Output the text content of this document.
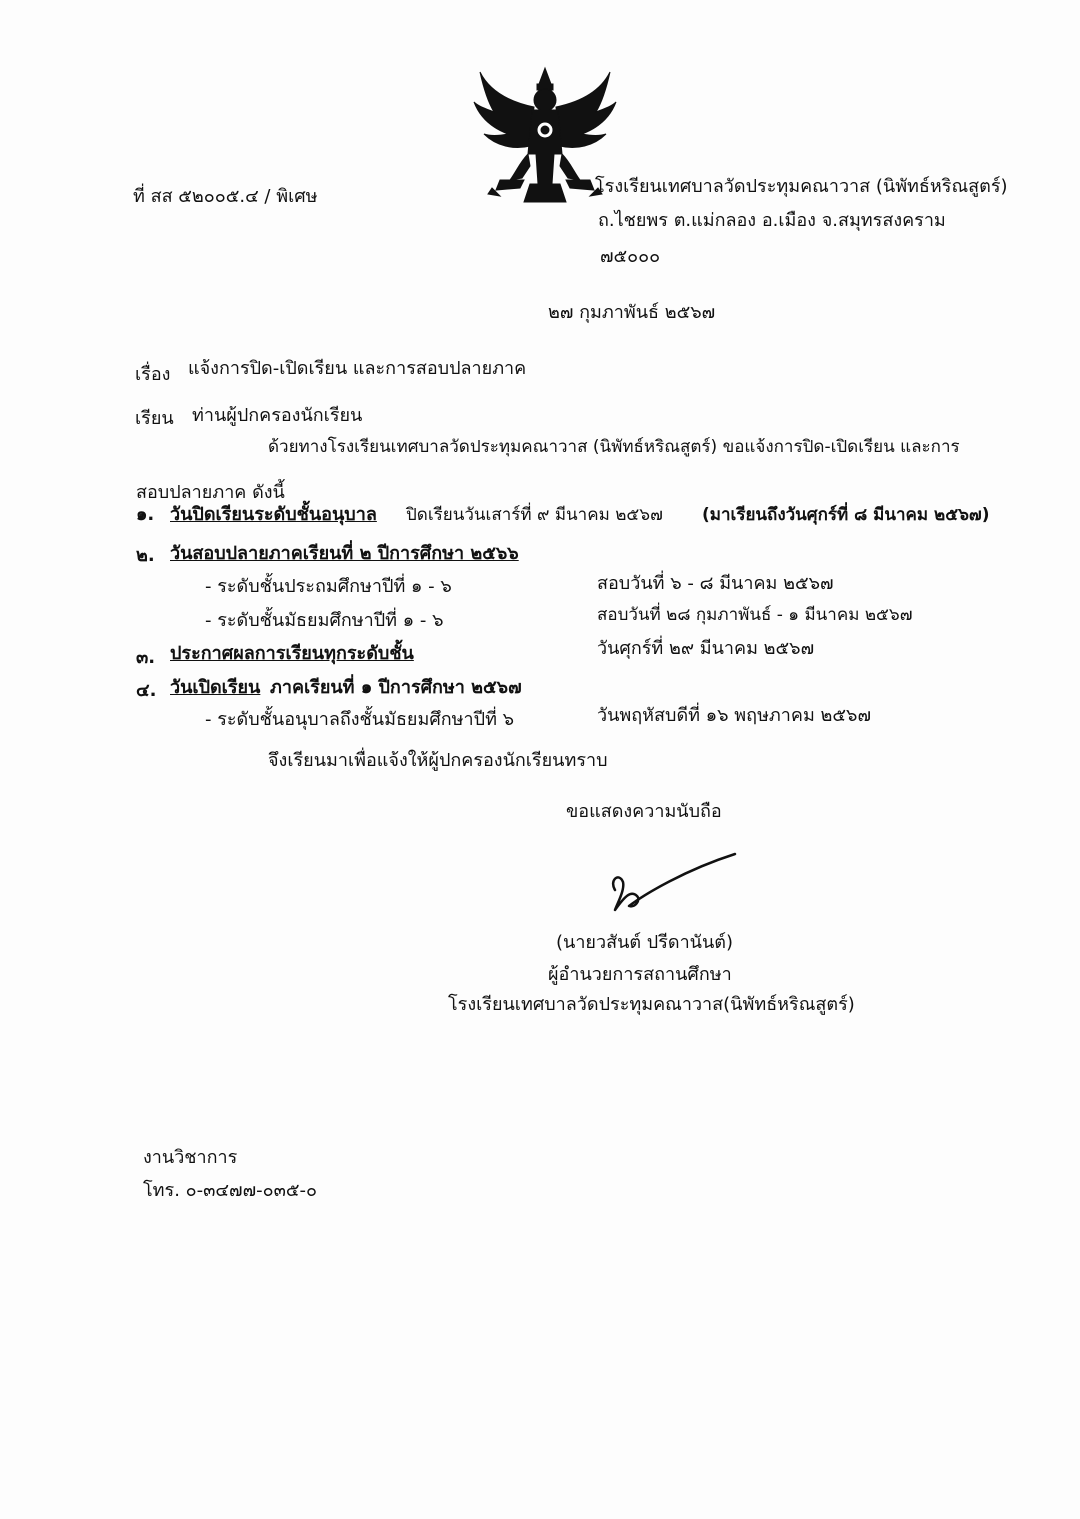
ที่ สส ๕๒๐๐๕.๔ / พิเศษ	โรงเรียนเทศบาลวัดประทุมคณาวาส (นิพัทธ์หริณสูตร์)
ถ.ไชยพร ต.แม่กลอง อ.เมือง จ.สมุทรสงคราม
๗๕๐๐๐
๒๗ กุมภาพันธ์ ๒๕๖๗
เรื่อง แจ้งการปิด-เปิดเรียน และการสอบปลายภาค
เรียน ท่านผู้ปกครองนักเรียน
ด้วยทางโรงเรียนเทศบาลวัดประทุมคณาวาส (นิพัทธ์หริณสูตร์) ขอแจ้งการปิด-เปิดเรียน และการ
สอบปลายภาค ดังนี้
๑. วันปิดเรียนระดับชั้นอนุบาล ปิดเรียนวันเสาร์ที่ ๙ มีนาคม ๒๕๖๗ (มาเรียนถึงวันศุกร์ที่ ๘ มีนาคม ๒๕๖๗)
๒. วันสอบปลายภาคเรียนที่ ๒ ปีการศึกษา ๒๕๖๖
- ระดับชั้นประถมศึกษาปีที่ ๑ - ๖	สอบวันที่ ๖ - ๘ มีนาคม ๒๕๖๗
- ระดับชั้นมัธยมศึกษาปีที่ ๑ - ๖	สอบวันที่ ๒๘ กุมภาพันธ์ - ๑ มีนาคม ๒๕๖๗
๓. ประกาศผลการเรียนทุกระดับชั้น	วันศุกร์ที่ ๒๙ มีนาคม ๒๕๖๗
๔. วันเปิดเรียน ภาคเรียนที่ ๑ ปีการศึกษา ๒๕๖๗
- ระดับชั้นอนุบาลถึงชั้นมัธยมศึกษาปีที่ ๖	วันพฤหัสบดีที่ ๑๖ พฤษภาคม ๒๕๖๗
จึงเรียนมาเพื่อแจ้งให้ผู้ปกครองนักเรียนทราบ
ขอแสดงความนับถือ
(นายวสันต์ ปรีดานันต์)
ผู้อำนวยการสถานศึกษา
โรงเรียนเทศบาลวัดประทุมคณาวาส(นิพัทธ์หริณสูตร์)
งานวิชาการ
โทร. ๐-๓๔๗๗-๐๓๕-๐
